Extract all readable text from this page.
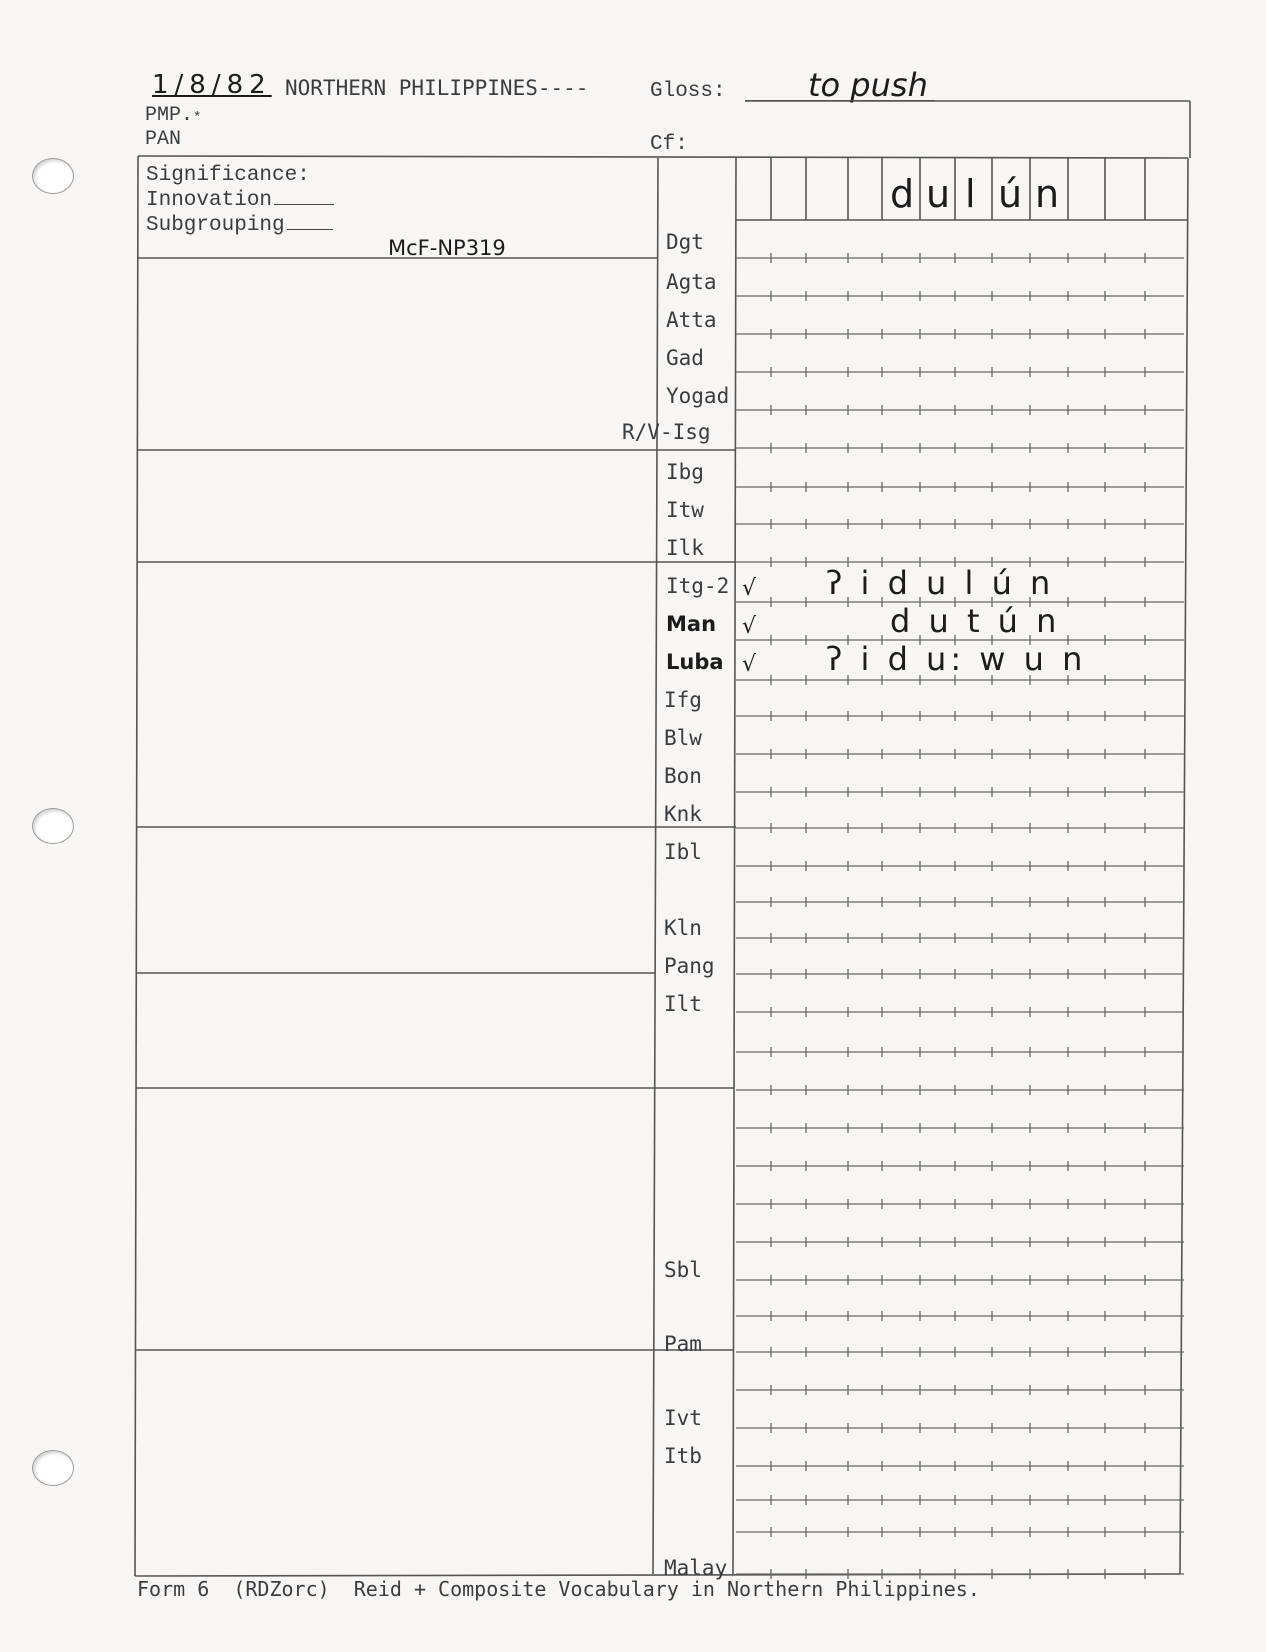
1/8/82 NORTHERN PHILIPPINES----	Gloss:	to push
PMP. *
PAN	Cf:
Significance:
Innovation
Subgrouping
McF-NP319
d u l ú n
Dgt
Agta
Atta
Gad
Yogad
R/V-Isg
Ibg
Itw
Ilk
Itg-2 √ ʔ i d u l ú n
Man √	d u t ú n
Luba √ ʔ i d u: w u n
Ifg
Blw
Bon
Knk
Ibl
Kln
Pang
Ilt
Sbl
Pam
Ivt
Itb
Malay
Form 6  (RDZorc)  Reid + Composite Vocabulary in Northern Philippines.
